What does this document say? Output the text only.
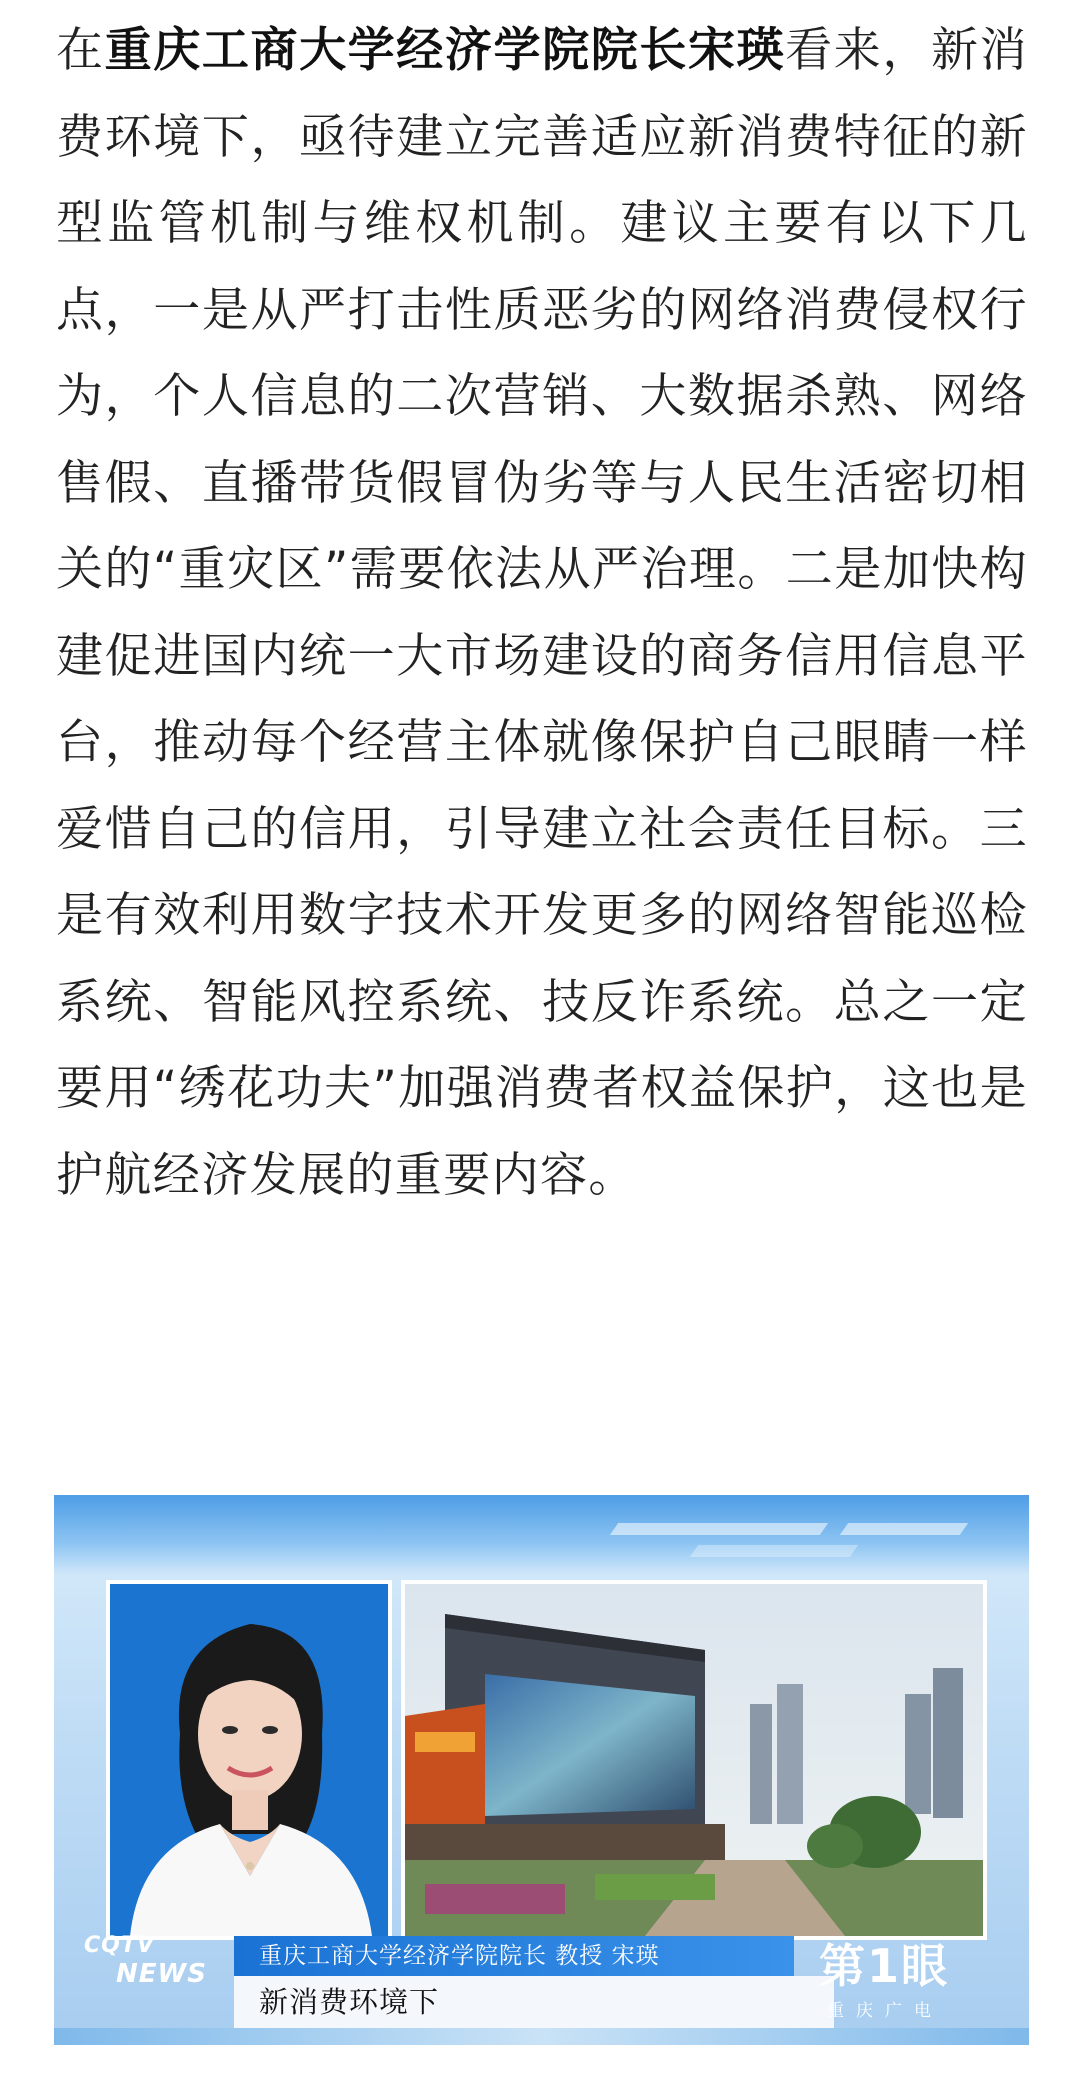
在重庆工商大学经济学院院长宋瑛看来，新消费环境下，亟待建立完善适应新消费特征的新型监管机制与维权机制。建议主要有以下几点，一是从严打击性质恶劣的网络消费侵权行为，个人信息的二次营销、大数据杀熟、网络售假、直播带货假冒伪劣等与人民生活密切相关的“重灾区”需要依法从严治理。二是加快构建促进国内统一大市场建设的商务信用信息平台，推动每个经营主体就像保护自己眼睛一样爱惜自己的信用，引导建立社会责任目标。三是有效利用数字技术开发更多的网络智能巡检系统、智能风控系统、技反诈系统。总之一定要用“绣花功夫”加强消费者权益保护，这也是护航经济发展的重要内容。

CQTV
NEWS
重庆工商大学经济学院院长 教授 宋瑛
新消费环境下
第1眼
重庆广电
